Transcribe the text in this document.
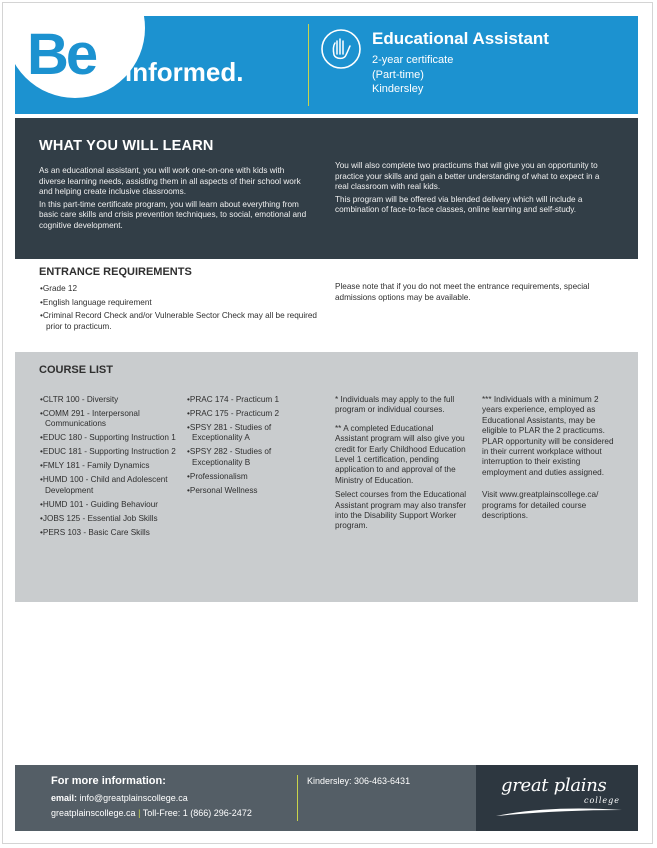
Be informed.
Educational Assistant
2-year certificate
(Part-time)
Kindersley
WHAT YOU WILL LEARN

As an educational assistant, you will work one-on-one with kids with diverse learning needs, assisting them in all aspects of their school work and helping create inclusive classrooms.

In this part-time certificate program, you will learn about everything from basic care skills and crisis prevention techniques, to social, emotional and cognitive development.

You will also complete two practicums that will give you an opportunity to practice your skills and gain a better understanding of what to expect in a real classroom with real kids.

This program will be offered via blended delivery which will include a combination of face-to-face classes, online learning and self-study.

ENTRANCE REQUIREMENTS
• Grade 12
• English language requirement
• Criminal Record Check and/or Vulnerable Sector Check may all be required prior to practicum.
Please note that if you do not meet the entrance requirements, special admissions options may be available.
COURSE LIST
• CLTR 100 - Diversity
• COMM 291 - Interpersonal Communications
• EDUC 180 - Supporting Instruction 1
• EDUC 181 - Supporting Instruction 2
• FMLY 181 - Family Dynamics
• HUMD 100 - Child and Adolescent Development
• HUMD 101 - Guiding Behaviour
• JOBS 125 - Essential Job Skills
• PERS 103 - Basic Care Skills
• PRAC 174 - Practicum 1
• PRAC 175 - Practicum 2
• SPSY 281 - Studies of Exceptionality A
• SPSY 282 - Studies of Exceptionality B
• Professionalism
• Personal Wellness

* Individuals may apply to the full program or individual courses.

** A completed Educational Assistant program will also give you credit for Early Childhood Education Level 1 certification, pending application to and approval of the Ministry of Education.

Select courses from the Educational Assistant program may also transfer into the Disability Support Worker program.

*** Individuals with a minimum 2 years experience, employed as Educational Assistants, may be eligible to PLAR the 2 practicums. PLAR opportunity will be considered in their current workplace without interruption to their existing employment and duties assigned.

Visit www.greatplainscollege.ca/ programs for detailed course descriptions.

For more information:
email: info@greatplainscollege.ca
greatplainscollege.ca | Toll-Free: 1 (866) 296-2472
Kindersley: 306-463-6431	great plains
college
